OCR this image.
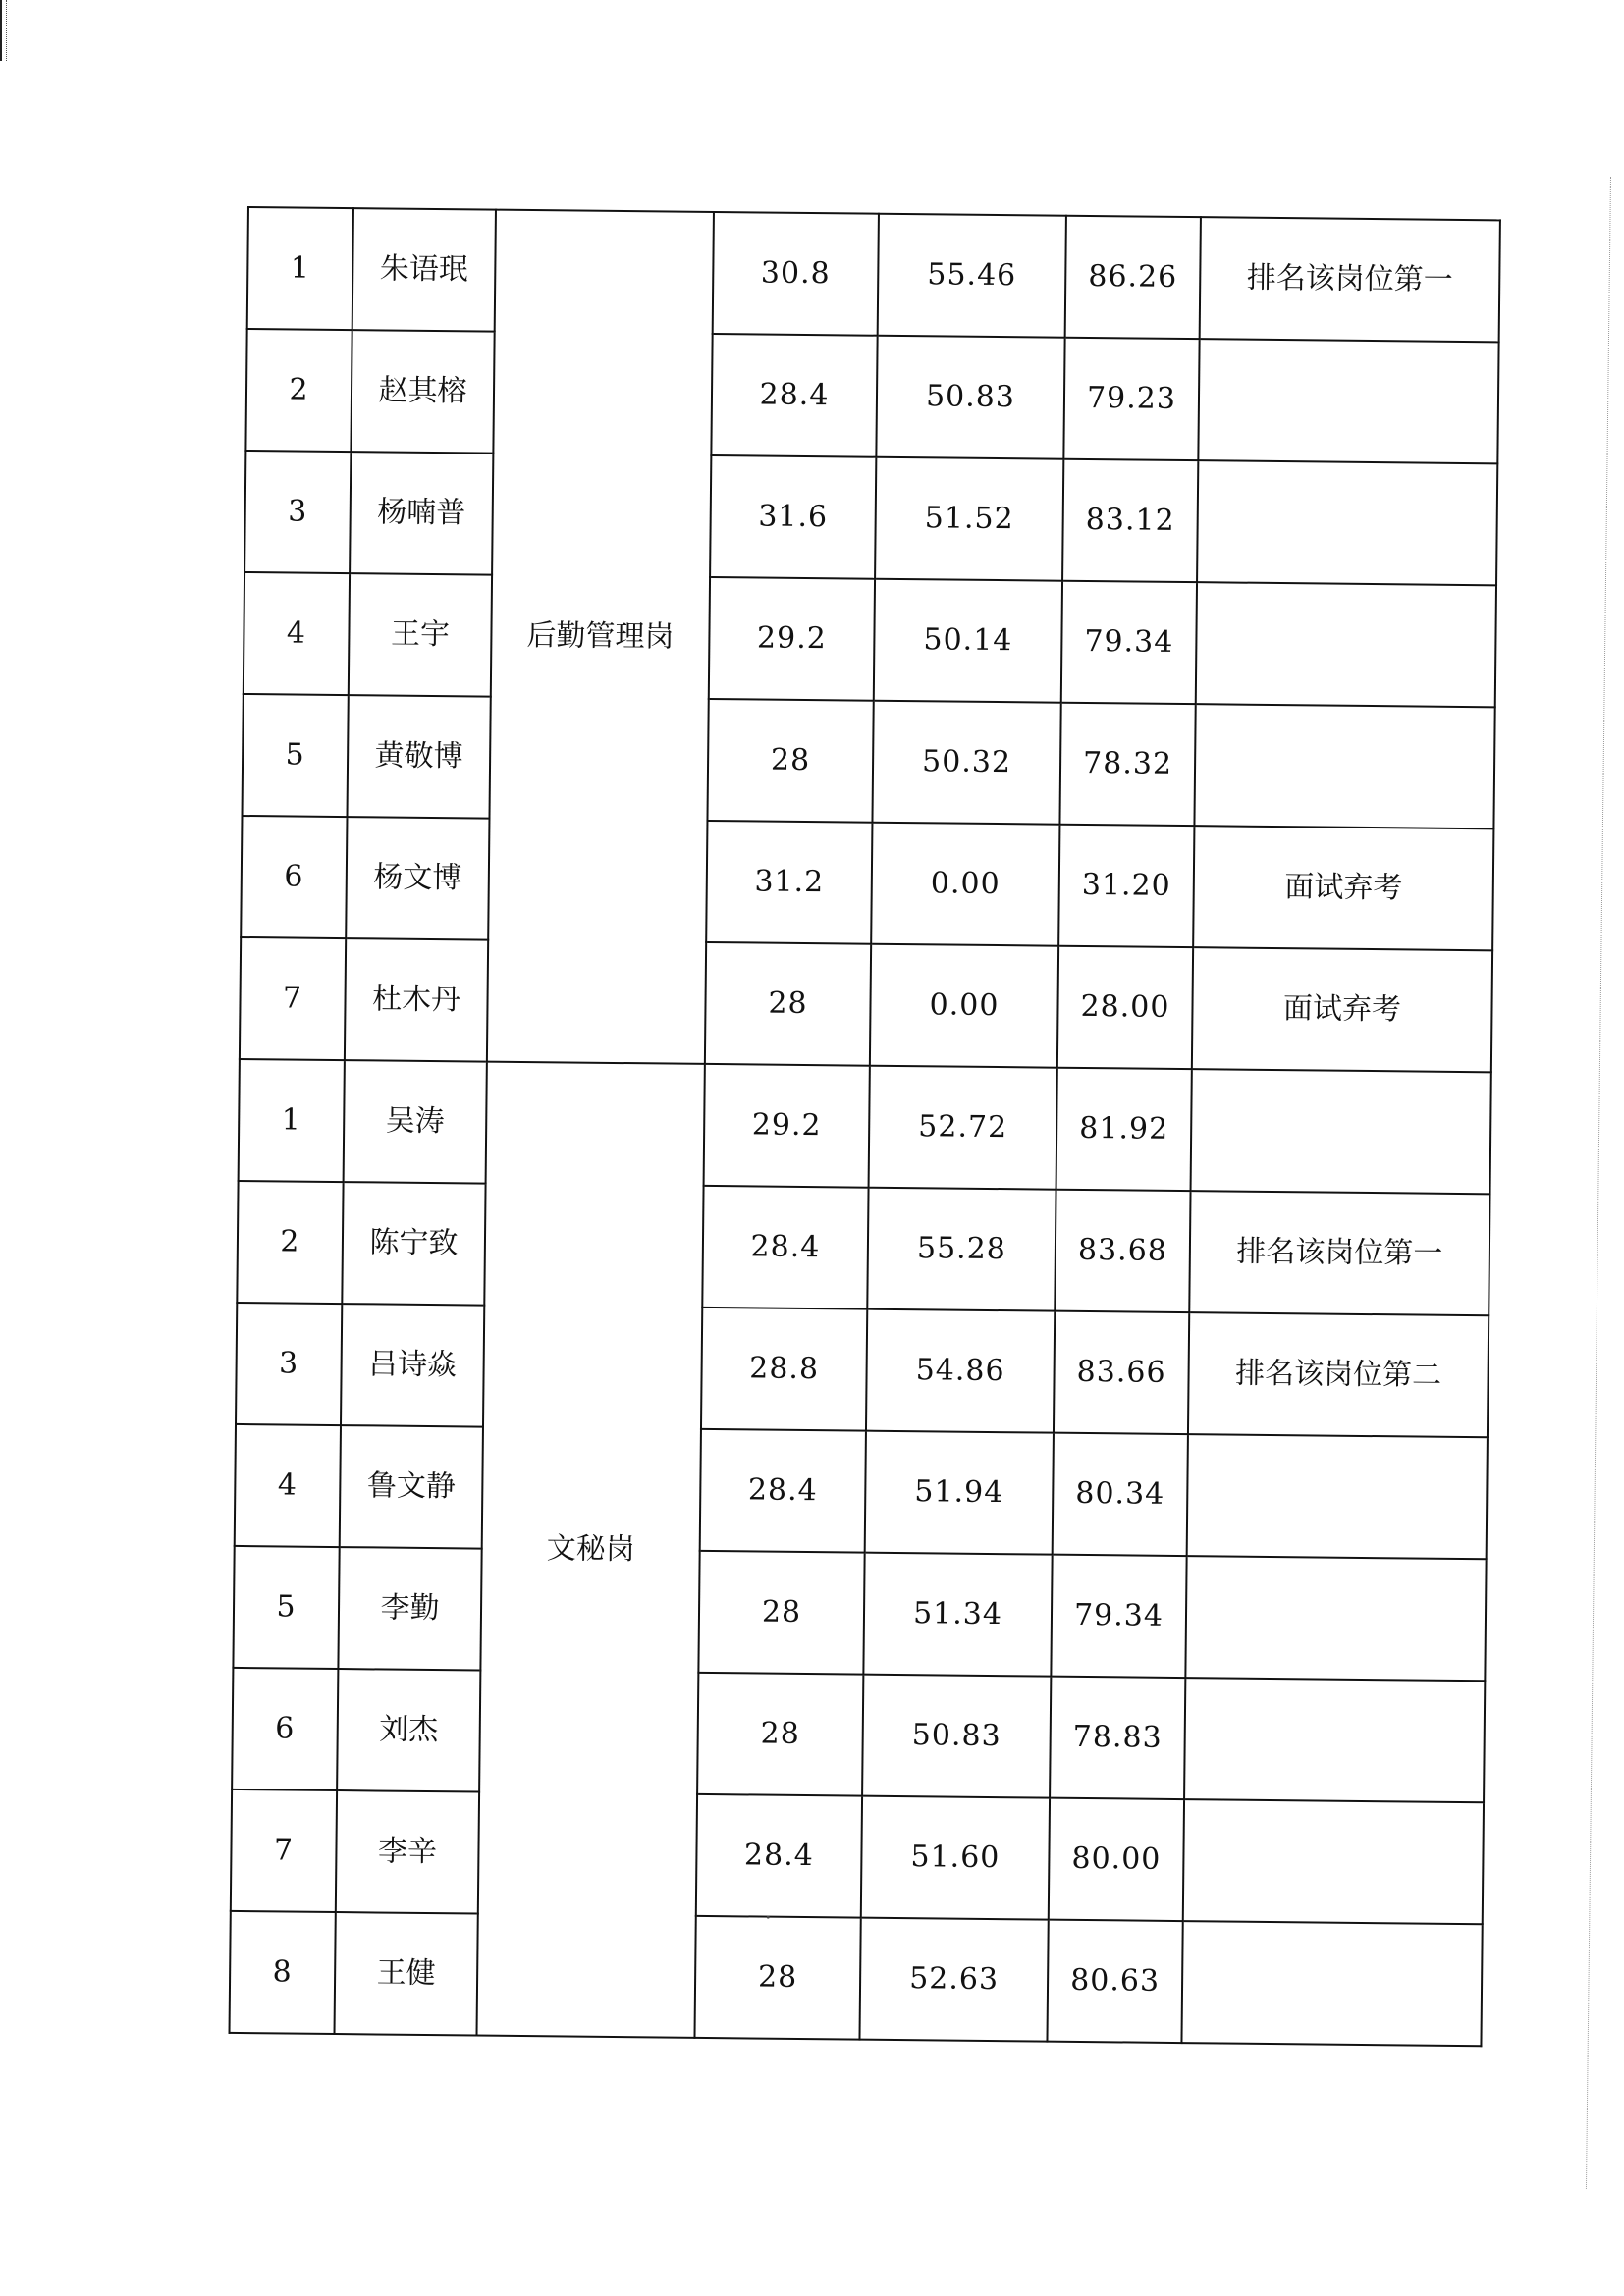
1	朱语珉	后勤管理岗	30.8	55.46	86.26	排名该岗位第一
2	赵其榕		28.4	50.83	79.23	
3	杨喃普		31.6	51.52	83.12	
4	王宇		29.2	50.14	79.34	
5	黄敬博		28	50.32	78.32	
6	杨文博		31.2	0.00	31.20	面试弃考
7	杜木丹		28	0.00	28.00	面试弃考
1	吴涛	文秘岗	29.2	52.72	81.92	
2	陈宁致		28.4	55.28	83.68	排名该岗位第一
3	吕诗焱		28.8	54.86	83.66	排名该岗位第二
4	鲁文静		28.4	51.94	80.34	
5	李勤		28	51.34	79.34	
6	刘杰		28	50.83	78.83	
7	李辛		28.4	51.60	80.00	
8	王健		28	52.63	80.63	
